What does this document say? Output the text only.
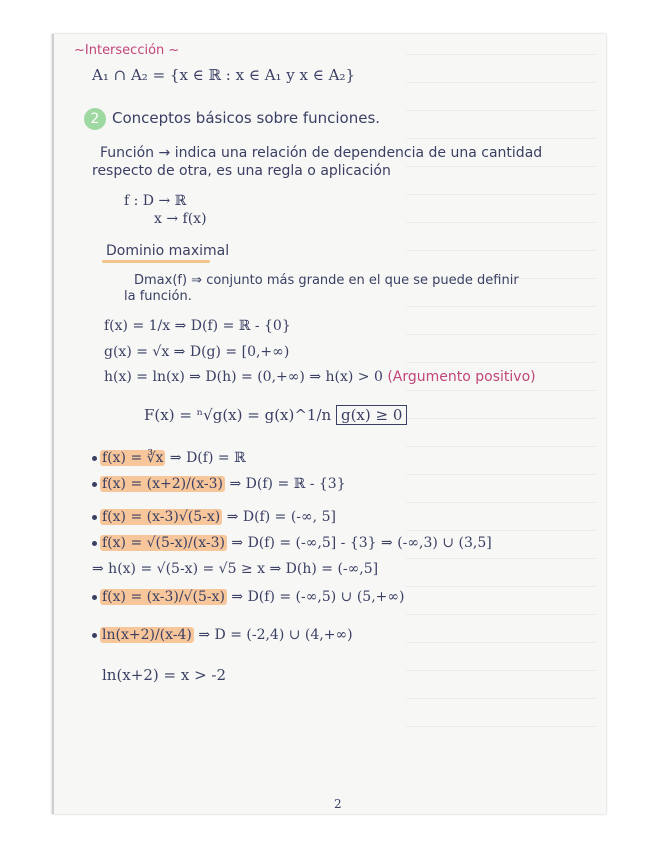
~Intersección ~
A₁ ∩ A₂ = {x ∈ ℝ : x ∈ A₁ y x ∈ A₂}
2 Conceptos básicos sobre funciones.
Función → indica una relación de dependencia de una cantidad
respecto de otra, es una regla o aplicación
f : D → ℝ
x → f(x)
Dominio maximal
Dmax(f) ⇒ conjunto más grande en el que se puede definir
la función.
f(x) = 1/x ⇒ D(f) = ℝ - {0}
g(x) = √x ⇒ D(g) = [0,+∞)
h(x) = ln(x) ⇒ D(h) = (0,+∞) ⇒ h(x) > 0 (Argumento positivo)
F(x) = ⁿ√g(x) = g(x)^1/n g(x) ≥ 0
f(x) = ∛x ⇒ D(f) = ℝ
f(x) = (x+2)/(x-3) ⇒ D(f) = ℝ - {3}
f(x) = (x-3)√(5-x) ⇒ D(f) = (-∞, 5]
f(x) = √(5-x)/(x-3) ⇒ D(f) = (-∞,5] - {3} ⇒ (-∞,3) ∪ (3,5]
⇒ h(x) = √(5-x) = √5 ≥ x ⇒ D(h) = (-∞,5]
f(x) = (x-3)/√(5-x) ⇒ D(f) = (-∞,5) ∪ (5,+∞)
ln(x+2)/(x-4) ⇒ D = (-2,4) ∪ (4,+∞)
ln(x+2) = x > -2
2
